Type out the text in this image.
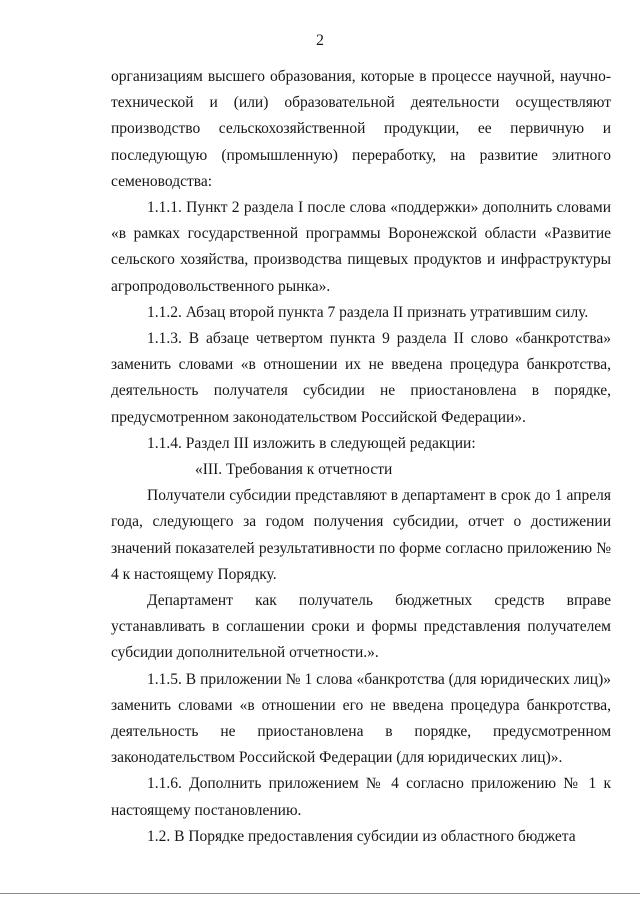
2

организациям высшего образования, которые в процессе научной, научно-технической и (или) образовательной деятельности осуществляют производство сельскохозяйственной продукции, ее первичную и последующую (промышленную) переработку, на развитие элитного семеноводства:

1.1.1. Пункт 2 раздела I после слова «поддержки» дополнить словами «в рамках государственной программы Воронежской области «Развитие сельского хозяйства, производства пищевых продуктов и инфраструктуры агропродовольственного рынка».

1.1.2. Абзац второй пункта 7 раздела II признать утратившим силу.

1.1.3. В абзаце четвертом пункта 9 раздела II слово «банкротства» заменить словами «в отношении их не введена процедура банкротства, деятельность получателя субсидии не приостановлена в порядке, предусмотренном законодательством Российской Федерации».

1.1.4. Раздел III изложить в следующей редакции:

«III. Требования к отчетности

Получатели субсидии представляют в департамент в срок до 1 апреля года, следующего за годом получения субсидии, отчет о достижении значений показателей результативности по форме согласно приложению № 4 к настоящему Порядку.

Департамент как получатель бюджетных средств вправе устанавливать в соглашении сроки и формы представления получателем субсидии дополнительной отчетности.».

1.1.5. В приложении № 1 слова «банкротства (для юридических лиц)» заменить словами «в отношении его не введена процедура банкротства, деятельность не приостановлена в порядке, предусмотренном законодательством Российской Федерации (для юридических лиц)».

1.1.6. Дополнить приложением № 4 согласно приложению № 1 к настоящему постановлению.

1.2. В Порядке предоставления субсидии из областного бюджета
